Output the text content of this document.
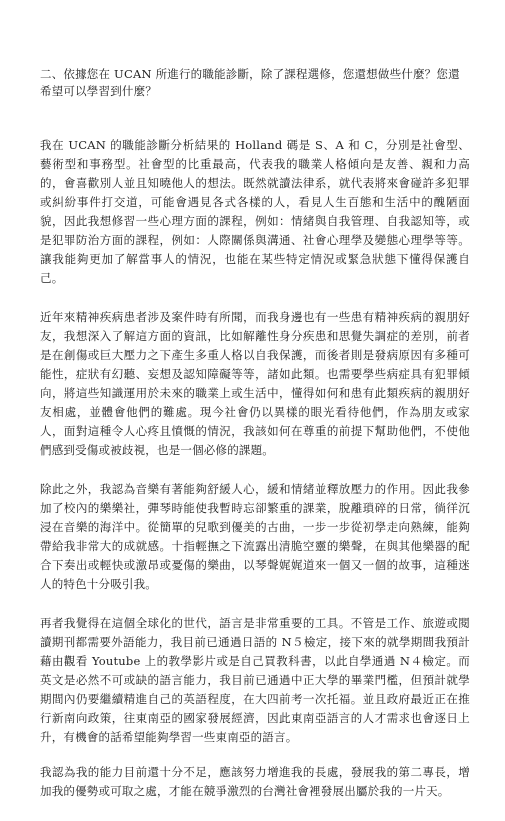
二、依據您在 UCAN 所進行的職能診斷，除了課程選修，您還想做些什麼？您還希望可以學習到什麼？

我在 UCAN 的職能診斷分析結果的 Holland 碼是 S、A 和 C，分別是社會型、藝術型和事務型。社會型的比重最高，代表我的職業人格傾向是友善、親和力高的，會喜歡別人並且知曉他人的想法。既然就讀法律系，就代表將來會碰許多犯罪或糾紛事件打交道，可能會遇見各式各樣的人，看見人生百態和生活中的醜陋面貌，因此我想修習一些心理方面的課程，例如：情緒與自我管理、自我認知等，或是犯罪防治方面的課程，例如：人際關係與溝通、社會心理學及變態心理學等等。讓我能夠更加了解當事人的情況，也能在某些特定情況或緊急狀態下懂得保護自己。

近年來精神疾病患者涉及案件時有所聞，而我身邊也有一些患有精神疾病的親朋好友，我想深入了解這方面的資訊，比如解離性身分疾患和思覺失調症的差別，前者是在創傷或巨大壓力之下產生多重人格以自我保護，而後者則是發病原因有多種可能性，症狀有幻聽、妄想及認知障礙等等，諸如此類。也需要學些病症具有犯罪傾向，將這些知識運用於未來的職業上或生活中，懂得如何和患有此類疾病的親朋好友相處，並體會他們的難處。現今社會仍以異樣的眼光看待他們，作為朋友或家人，面對這種令人心疼且憤慨的情況，我該如何在尊重的前提下幫助他們，不使他們感到受傷或被歧視，也是一個必修的課題。

除此之外，我認為音樂有著能夠舒緩人心，緩和情緒並釋放壓力的作用。因此我參加了校內的樂樂社，彈琴時能使我暫時忘卻繁重的課業，脫離瑣碎的日常，徜徉沉浸在音樂的海洋中。從簡單的兒歌到優美的古曲，一步一步從初學走向熟練，能夠帶給我非常大的成就感。十指輕撫之下流露出清脆空靈的樂聲，在與其他樂器的配合下奏出或輕快或激昂或憂傷的樂曲，以琴聲娓娓道來一個又一個的故事，這種迷人的特色十分吸引我。

再者我覺得在這個全球化的世代，語言是非常重要的工具。不管是工作、旅遊或閱讀期刊都需要外語能力，我目前已通過日語的 N５檢定，接下來的就學期間我預計藉由觀看 Youtube 上的教學影片或是自己買教科書，以此自學通過 N４檢定。而英文是必然不可或缺的語言能力，我目前已通過中正大學的畢業門檻，但預計就學期間內仍要繼續精進自己的英語程度，在大四前考一次托福。並且政府最近正在推行新南向政策，往東南亞的國家發展經濟，因此東南亞語言的人才需求也會逐日上升，有機會的話希望能夠學習一些東南亞的語言。

我認為我的能力目前還十分不足，應該努力增進我的長處，發展我的第二專長，增加我的優勢或可取之處，才能在競爭激烈的台灣社會裡發展出屬於我的一片天。
